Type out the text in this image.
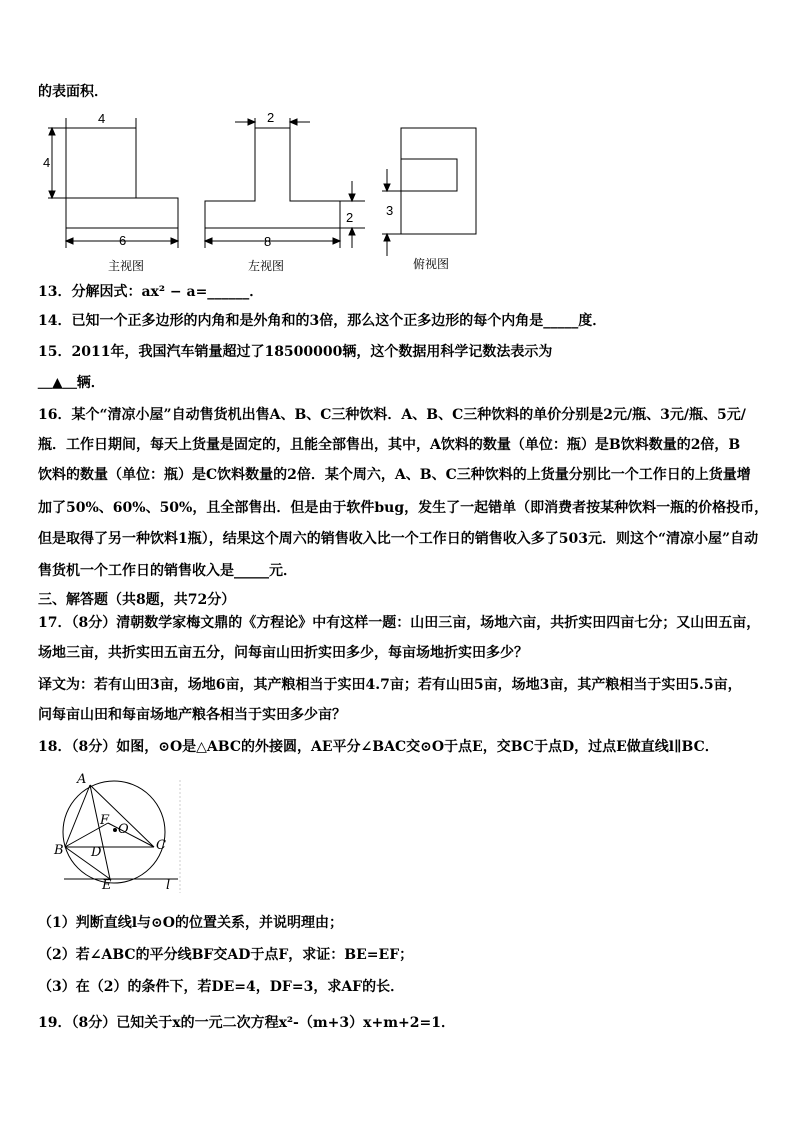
的表面积．
4
4
6
主视图
2
2
8
左视图
3
俯视图
13．分解因式：ax² − a=______．
14．已知一个正多边形的内角和是外角和的3倍，那么这个正多边形的每个内角是_____度．
15．2011年，我国汽车销量超过了18500000辆，这个数据用科学记数法表示为
＿▲＿辆．
16．某个“清凉小屋”自动售货机出售A、B、C三种饮料．A、B、C三种饮料的单价分别是2元/瓶、3元/瓶、5元/
瓶．工作日期间，每天上货量是固定的，且能全部售出，其中，A饮料的数量（单位：瓶）是B饮料数量的2倍，B
饮料的数量（单位：瓶）是C饮料数量的2倍．某个周六，A、B、C三种饮料的上货量分别比一个工作日的上货量增
加了50%、60%、50%，且全部售出．但是由于软件bug，发生了一起错单（即消费者按某种饮料一瓶的价格投币，
但是取得了另一种饮料1瓶），结果这个周六的销售收入比一个工作日的销售收入多了503元．则这个“清凉小屋”自动
售货机一个工作日的销售收入是_____元．
三、解答题（共8题，共72分）
17．（8分）清朝数学家梅文鼎的《方程论》中有这样一题：山田三亩，场地六亩，共折实田四亩七分；又山田五亩，
场地三亩，共折实田五亩五分，问每亩山田折实田多少，每亩场地折实田多少？
译文为：若有山田3亩，场地6亩，其产粮相当于实田4.7亩；若有山田5亩，场地3亩，其产粮相当于实田5.5亩，
问每亩山田和每亩场地产粮各相当于实田多少亩？
18．（8分）如图，⊙O是△ABC的外接圆，AE平分∠BAC交⊙O于点E，交BC于点D，过点E做直线l∥BC．
A
B	C
D
E
F
O
l
（1）判断直线l与⊙O的位置关系，并说明理由；
（2）若∠ABC的平分线BF交AD于点F，求证：BE=EF；
（3）在（2）的条件下，若DE=4，DF=3，求AF的长．
19．（8分）已知关于x的一元二次方程x²-（m+3）x+m+2=1．
